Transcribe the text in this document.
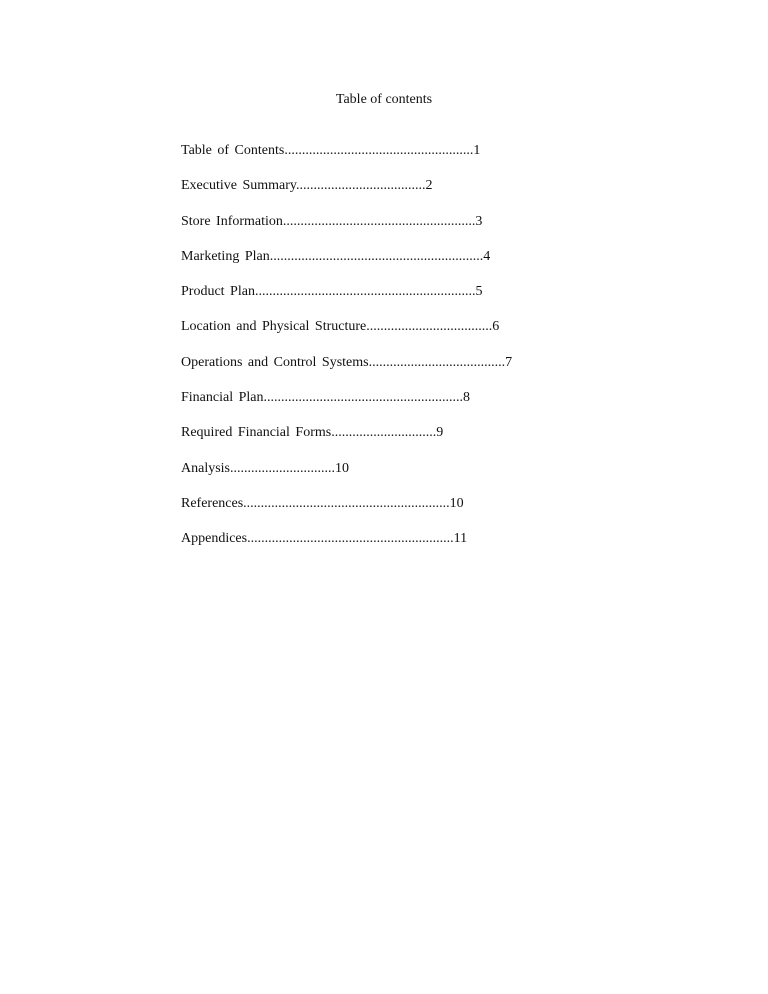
Table of contents
Table of Contents......................................................1
Executive Summary.....................................2
Store Information.......................................................3
Marketing Plan.............................................................4
Product Plan...............................................................5
Location and Physical Structure....................................6
Operations and Control Systems.......................................7
Financial Plan.........................................................8
Required Financial Forms..............................9
Analysis..............................10
References...........................................................10
Appendices...........................................................11
